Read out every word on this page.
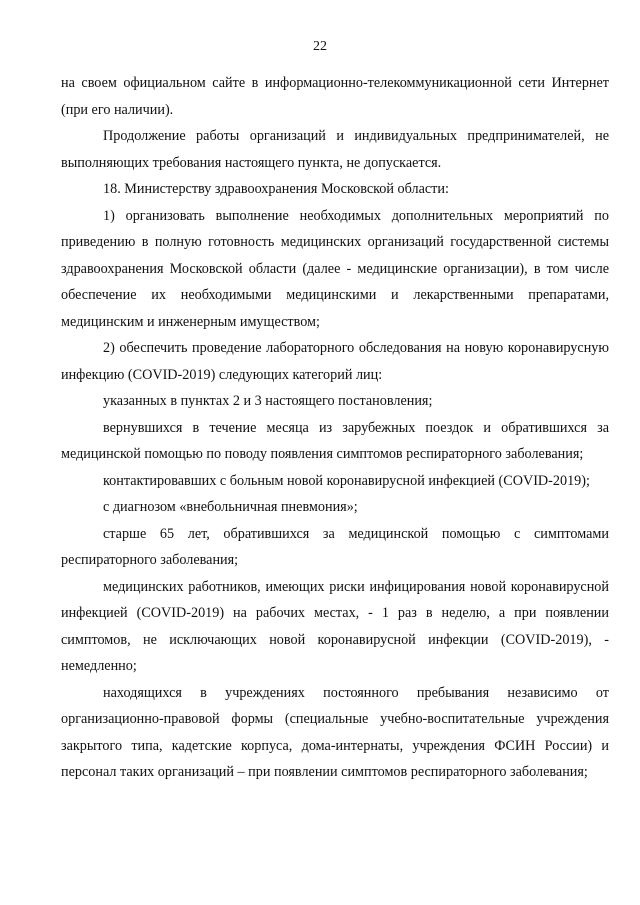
22

на своем официальном сайте в информационно-телекоммуникационной сети Интернет (при его наличии).

Продолжение работы организаций и индивидуальных предпринимателей, не выполняющих требования настоящего пункта, не допускается.

18. Министерству здравоохранения Московской области:

1) организовать выполнение необходимых дополнительных мероприятий по приведению в полную готовность медицинских организаций государственной системы здравоохранения Московской области (далее - медицинские организации), в том числе обеспечение их необходимыми медицинскими и лекарственными препаратами, медицинским и инженерным имуществом;

2) обеспечить проведение лабораторного обследования на новую коронавирусную инфекцию (COVID-2019) следующих категорий лиц:

указанных в пунктах 2 и 3 настоящего постановления;

вернувшихся в течение месяца из зарубежных поездок и обратившихся за медицинской помощью по поводу появления симптомов респираторного заболевания;

контактировавших с больным новой коронавирусной инфекцией (COVID-2019);

с диагнозом «внебольничная пневмония»;

старше 65 лет, обратившихся за медицинской помощью с симптомами респираторного заболевания;

медицинских работников, имеющих риски инфицирования новой коронавирусной инфекцией (COVID-2019) на рабочих местах, - 1 раз в неделю, а при появлении симптомов, не исключающих новой коронавирусной инфекции (COVID-2019), - немедленно;

находящихся в учреждениях постоянного пребывания независимо от организационно-правовой формы (специальные учебно-воспитательные учреждения закрытого типа, кадетские корпуса, дома-интернаты, учреждения ФСИН России) и персонал таких организаций – при появлении симптомов респираторного заболевания;
